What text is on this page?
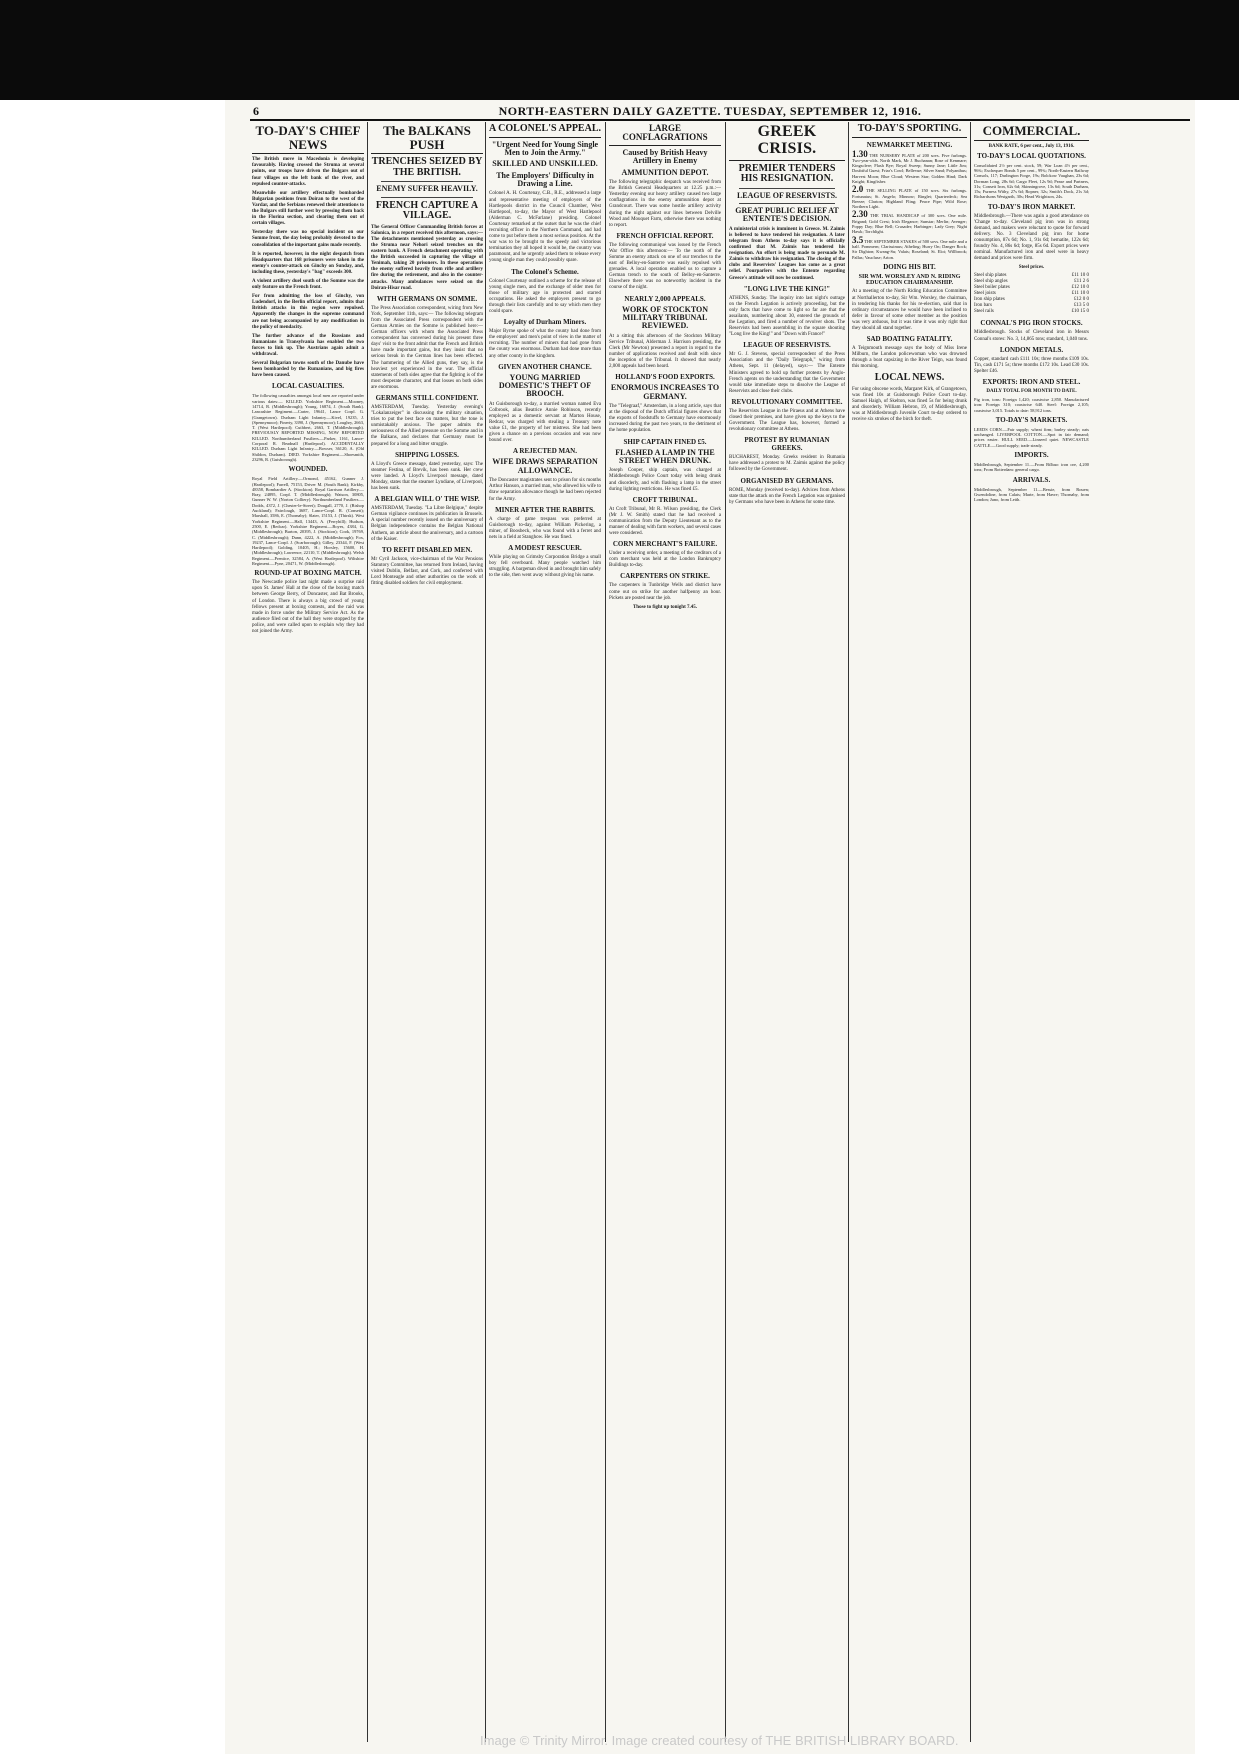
6	NORTH-EASTERN DAILY GAZETTE. TUESDAY, SEPTEMBER 12, 1916.
TO-DAY'S CHIEF NEWS

The British move in Macedonia is developing favourably. Having crossed the Struma at several points, our troops have driven the Bulgars out of four villages on the left bank of the river, and repulsed counter-attacks.

Meanwhile our artillery effectually bombarded Bulgarian positions from Doiran to the west of the Vardar, and the Serbians renewed their attentions to the Bulgars still further west by pressing them back in the Florina section, and clearing them out of certain villages.

Yesterday there was no special incident on our Somme front, the day being probably devoted to the consolidation of the important gains made recently.

It is reported, however, in the night despatch from Headquarters that 168 prisoners were taken in the enemy's counter-attack on Ginchy on Sunday, and, including these, yesterday's "bag" exceeds 300.

A violent artillery duel south of the Somme was the only feature on the French front.

For from admitting the loss of Ginchy, von Ludendorf, in the Berlin official report, admits that British attacks in this region were repulsed. Apparently the changes in the supreme command are not being accompanied by any modification in the policy of mendacity.

The further advance of the Russians and Rumanians in Transylvania has enabled the two forces to link up. The Austrians again admit a withdrawal.

Several Bulgarian towns south of the Danube have been bombarded by the Rumanians, and big fires have been caused.

LOCAL CASUALTIES.

The following casualties amongst local men are reported under various dates:— KILLED. Yorkshire Regiment.—Mooney, 14714, R. (Middlesbrough); Young, 16874, J. (South Bank). Lancashire Regiment.—Carter, 19641, Lance Corpl. G. (Grangetown). Durham Light Infantry.—Kivel, 19235, J. (Spennymoor); Finerty, 3390, J. (Spennymoor); Loughry, 2663, T. (West Hartlepool); Cuthbert, 2663, T. (Middlesbrough). PREVIOUSLY REPORTED MISSING, NOW REPORTED KILLED. Northumberland Fusiliers.—Parker, 1161, Lance-Corporal R. Beadnall (Hartlepool). ACCIDENTALLY KILLED. Durham Light Infantry.—Bowser, 36120, A. (Old Shildon, Durham). DIED. Yorkshire Regiment.—Shoesmith, 23296, R. (Guisborough).

WOUNDED.

Royal Field Artillery.—Ormond, 45162, Gunner J. (Hartlepool); Farrell, 75153, Driver M. (South Bank); Kirkby, 48358, Bombardier A. (Stockton). Royal Garrison Artillery.—Bray, 24895, Corpl. T. (Middlesbrough); Watson, 30805, Gunner W. W. (Norton Colliery). Northumberland Fusiliers.—Dodds, 4372, J. (Chester-le-Street); Dougall, 2770, J. (Bishop Auckland); Fairclough, 3687, Lance-Corpl. R. (Consett); Marshall, 3586, E. (Thornaby); Slater, 15153, J. (Thirsk). West Yorkshire Regiment.—Hall, 13443, A. (Ferryhill); Hudson, 2500, E. (Redcar). Yorkshire Regiment.—Boyes, 4384, G. (Middlesbrough); Burton, 20395, J. (Stockton); Cook, 19769, C. (Middlesbrough); Dunn, 4222, A. (Middlesbrough); Fox, 19237, Lance-Corpl. J. (Scarborough); Gilley, 23344, F. (West Hartlepool); Golding, 10405, H.; Horsley, 15600, H. (Middlesbrough); Lawrence, 22110, T. (Middlesbrough). Welsh Regiment.—Prentice, 32584, A. (West Hartlepool). Wiltshire Regiment.—Pyne, 20471, W. (Middlesbrough).

ROUND-UP AT BOXING MATCH.

The Newcastle police last night made a surprise raid upon St. James' Hall at the close of the boxing match between George Berry, of Doncaster, and Bat Brooks, of London. There is always a big crowd of young fellows present at boxing contests, and the raid was made in force under the Military Service Act. As the audience filed out of the hall they were stopped by the police, and were called upon to explain why they had not joined the Army.

The BALKANS PUSH
TRENCHES SEIZED BY THE BRITISH.
ENEMY SUFFER HEAVILY.
FRENCH CAPTURE A VILLAGE.

The General Officer Commanding British forces at Salonica, in a report received this afternoon, says:— The detachments mentioned yesterday as crossing the Struma near Nehori seized trenches on the eastern bank. A French detachment operating with the British succeeded in capturing the village of Yenimah, taking 20 prisoners. In these operations the enemy suffered heavily from rifle and artillery fire during the retirement, and also in the counter-attacks. Many ambulances were seized on the Doiran-Hisar road.

WITH GERMANS ON SOMME.

The Press Association correspondent, wiring from New York, September 11th, says:— The following telegram from the Associated Press correspondent with the German Armies on the Somme is published here:— German officers with whom the Associated Press correspondent has conversed during his present three days' visit to the front admit that the French and British have made important gains, but they insist that no serious break in the German lines has been effected. The hammering of the Allied guns, they say, is the heaviest yet experienced in the war. The official statements of both sides agree that the fighting is of the most desperate character, and that losses on both sides are enormous.

GERMANS STILL CONFIDENT.

AMSTERDAM, Tuesday. Yesterday evening's "Lokalanzeiger" in discussing the military situation, tries to put the best face on matters, but the tone is unmistakably anxious. The paper admits the seriousness of the Allied pressure on the Somme and in the Balkans, and declares that Germany must be prepared for a long and bitter struggle.

SHIPPING LOSSES.

A Lloyd's Greece message, dated yesterday, says: The steamer Festina, of Brevik, has been sunk. Her crew were landed. A Lloyd's Liverpool message, dated Monday, states that the steamer Lyndiane, of Liverpool, has been sunk.

A BELGIAN WILL O' THE WISP.

AMSTERDAM, Tuesday. "La Libre Belgique," despite German vigilance continues its publication in Brussels. A special number recently issued on the anniversary of Belgian independence contains the Belgian National Anthem, an article about the anniversary, and a cartoon of the Kaiser.

TO REFIT DISABLED MEN.

Mr Cyril Jackson, vice-chairman of the War Pensions Statutory Committee, has returned from Ireland, having visited Dublin, Belfast, and Cork, and conferred with Lord Monteagle and other authorities on the work of fitting disabled soldiers for civil employment.

A COLONEL'S APPEAL.
"Urgent Need for Young Single Men to Join the Army."
SKILLED AND UNSKILLED.
The Employers' Difficulty in Drawing a Line.

Colonel A. H. Courtenay, C.B., R.E., addressed a large and representative meeting of employers of the Hartlepools district in the Council Chamber, West Hartlepool, to-day, the Mayor of West Hartlepool (Alderman C. McFarlane) presiding. Colonel Courtenay remarked at the outset that he was the chief recruiting officer in the Northern Command, and had come to put before them a most serious position. At the war was to be brought to the speedy and victorious termination they all hoped it would be, the country was paramount, and he urgently asked them to release every young single man they could possibly spare.

The Colonel's Scheme.

Colonel Courtenay outlined a scheme for the release of young single men, and the exchange of older men for those of military age in protected and starred occupations. He asked the employers present to go through their lists carefully and to say which men they could spare.

Loyalty of Durham Miners.

Major Byrne spoke of what the county had done from the employers' and men's point of view in the matter of recruiting. The number of miners that had gone from the county was enormous. Durham had done more than any other county in the kingdom.

GIVEN ANOTHER CHANCE.
YOUNG MARRIED DOMESTIC'S THEFT OF BROOCH.

At Guisborough to-day, a married woman named Eva Colbrook, alias Beatrice Annie Robinson, recently employed as a domestic servant at Marton House, Redcar, was charged with stealing a Treasury note value £1, the property of her mistress. She had been given a chance on a previous occasion and was now bound over.

A REJECTED MAN.
WIFE DRAWS SEPARATION ALLOWANCE.

The Doncaster magistrates sent to prison for six months Arthur Hanson, a married man, who allowed his wife to draw separation allowance though he had been rejected for the Army.

MINER AFTER THE RABBITS.

A charge of game trespass was preferred at Guisborough to-day, against William Pickering, a miner, of Boosbeck, who was found with a ferret and nets in a field at Stanghow. He was fined.

A MODEST RESCUER.

While playing on Grimsby Corporation Bridge a small boy fell overboard. Many people watched him struggling. A bargeman dived in and brought him safely to the side, then went away without giving his name.

LARGE CONFLAGRATIONS
Caused by British Heavy Artillery in Enemy
AMMUNITION DEPOT.

The following telegraphic despatch was received from the British General Headquarters at 12.25 p.m.:— Yesterday evening our heavy artillery caused two large conflagrations in the enemy ammunition depot at Grandcourt. There was some hostile artillery activity during the night against our lines between Delville Wood and Mouquet Farm, otherwise there was nothing to report.

FRENCH OFFICIAL REPORT.

The following communiqué was issued by the French War Office this afternoon:— To the north of the Somme an enemy attack on one of our trenches to the east of Belloy-en-Santerre was easily repulsed with grenades. A local operation enabled us to capture a German trench to the south of Belloy-en-Santerre. Elsewhere there was no noteworthy incident in the course of the night.

NEARLY 2,000 APPEALS.
WORK OF STOCKTON MILITARY TRIBUNAL REVIEWED.

At a sitting this afternoon of the Stockton Military Service Tribunal, Alderman J. Harrison presiding, the Clerk (Mr Newton) presented a report in regard to the number of applications received and dealt with since the inception of the Tribunal. It showed that nearly 2,000 appeals had been heard.

HOLLAND'S FOOD EXPORTS.
ENORMOUS INCREASES TO GERMANY.

The "Telegraaf," Amsterdam, in a long article, says that at the disposal of the Dutch official figures shows that the exports of foodstuffs to Germany have enormously increased during the past two years, to the detriment of the home population.

SHIP CAPTAIN FINED £5.
FLASHED A LAMP IN THE STREET WHEN DRUNK.

Joseph Cooper, ship captain, was charged at Middlesbrough Police Court today with being drunk and disorderly, and with flashing a lamp in the street during lighting restrictions. He was fined £5.

CROFT TRIBUNAL.

At Croft Tribunal, Mr R. Wilson presiding, the Clerk (Mr J. W. Smith) stated that he had received a communication from the Deputy Lieutenant as to the manner of dealing with farm workers, and several cases were considered.

CORN MERCHANT'S FAILURE.

Under a receiving order, a meeting of the creditors of a corn merchant was held at the London Bankruptcy Buildings to-day.

CARPENTERS ON STRIKE.

The carpenters in Tunbridge Wells and district have come out on strike for another halfpenny an hour. Pickets are posted near the job.

Those to fight up tonight 7.45.

GREEK CRISIS.
PREMIER TENDERS HIS RESIGNATION.
LEAGUE OF RESERVISTS.
GREAT PUBLIC RELIEF AT ENTENTE'S DECISION.

A ministerial crisis is imminent in Greece. M. Zaimis is believed to have tendered his resignation. A later telegram from Athens to-day says it is officially confirmed that M. Zaimis has tendered his resignation. An effort is being made to persuade M. Zaimis to withdraw his resignation. The closing of the clubs and Reservists' Leagues has come as a great relief. Pourparlers with the Entente regarding Greece's attitude will now be continued.

"LONG LIVE THE KING!"

ATHENS, Sunday. The inquiry into last night's outrage on the French Legation is actively proceeding, but the only facts that have come to light so far are that the assailants, numbering about 30, entered the grounds of the Legation, and fired a number of revolver shots. The Reservists had been assembling in the square shouting "Long live the King!" and "Down with France!"

LEAGUE OF RESERVISTS.

Mr G. J. Stevens, special correspondent of the Press Association and the "Daily Telegraph," wiring from Athens, Sept. 11 (delayed), says:— The Entente Ministers agreed to hold up further protests by Anglo-French agents on the understanding that the Government would take immediate steps to dissolve the League of Reservists and close their clubs.

REVOLUTIONARY COMMITTEE.

The Reservists League in the Piraeus and at Athens have closed their premises, and have given up the keys to the Government. The League has, however, formed a revolutionary committee at Athens.

PROTEST BY RUMANIAN GREEKS.

BUCHAREST, Monday. Greeks resident in Rumania have addressed a protest to M. Zaimis against the policy followed by the Government.

ORGANISED BY GERMANS.

ROME, Monday (received to-day). Advices from Athens state that the attack on the French Legation was organised by Germans who have been in Athens for some time.

TO-DAY'S SPORTING.
NEWMARKET MEETING.

1.30 THE NURSERY PLATE of 200 sovs. Five furlongs. Two-year-olds. North Mark, Mr J. Buchanan; Rose of Kenmare; Kingsclere; Flash Bye; Royal Sweep; Sunny Jane; Little Jim; Doubtful Guest; Friar's Cowl; Bellevue; Silver Sand; Polyanthus; Harvest Moon; Blue Cloud; Western Star; Golden Hind; Dark Knight; Kingfisher.

2.0 THE SELLING PLATE of 150 sovs. Six furlongs. Fortunatus; St. Angelo; Minnow; Ringlet; Quarterdeck; Sea Breeze; Clarion; Highland Fling; Peace Pipe; Wild Rose; Northern Light.

2.30 THE TRIAL HANDICAP of 300 sovs. One mile. Brigand; Gold Crest; Irish Elegance; Sunstar; Merlin; Avenger; Poppy Day; Blue Bell; Crusader; Harbinger; Lady Grey; Night Hawk; Torchlight.

3.5 THE SEPTEMBER STAKES of 500 sovs. One mile and a half. Pommern; Clarissimus; Atheling; Hurry On; Danger Rock; Sir Dighton; Kwang-Su; Valais; Roseland; St. Eloi; Willbrook; Pallas; Vaucluse; Arion.

DOING HIS BIT.
SIR WM. WORSLEY AND N. RIDING EDUCATION CHAIRMANSHIP.

At a meeting of the North Riding Education Committee at Northallerton to-day, Sir Wm. Worsley, the chairman, in tendering his thanks for his re-election, said that in ordinary circumstances he would have been inclined to defer in favour of some other member as the position was very arduous, but it was time it was only right that they should all stand together.

SAD BOATING FATALITY.

A Teignmouth message says the body of Miss Irene Milburn, the London policewoman who was drowned through a boat capsizing in the River Teign, was found this morning.

LOCAL NEWS.

For using obscene words, Margaret Kirk, of Grangetown, was fined 10s at Guisborough Police Court to-day. Samuel Haigh, of Skelton, was fined 5s for being drunk and disorderly. William Hebron, 19, of Middlesbrough, was at Middlesbrough Juvenile Court to-day ordered to receive six strokes of the birch for theft.

COMMERCIAL.
BANK RATE, 6 per cent., July 13, 1916.
TO-DAY'S LOCAL QUOTATIONS.

Consolidated 2½ per cent. stock, 59; War Loan 4½ per cent., 96¾; Exchequer Bonds 5 per cent., 99¾; North-Eastern Railway Consols, 117; Darlington Forge, 19s; Bolckow Vaughan, 23s 6d; Dorman Long, 28s 6d; Cargo Fleet, 12s 9d; Pease and Partners, 31s; Consett Iron, 62s 6d; Skinningrove, 13s 6d; South Durham, 15s; Furness Withy, 27s 6d; Ropner, 32s; Smith's Dock, 21s 3d; Richardsons Westgarth, 30s; Head Wrightson, 24s.

TO-DAY'S IRON MARKET.

Middlesbrough.—There was again a good attendance on 'Change to-day. Cleveland pig iron was in strong demand, and makers were reluctant to quote for forward delivery. No. 3 Cleveland pig iron for home consumption, 87s 6d; No. 1, 91s 6d; hematite, 122s 6d; foundry No. 4, 86s 6d; forge, 85s 6d. Export prices were nominal. Manufactured iron and steel were in heavy demand and prices were firm.

Steel prices.
Steel ship plates	£11 10 0
Steel ship angles	£11 2 6
Steel boiler plates	£12 10 0
Steel joists	£11 10 0
Iron ship plates	£12 0 0
Iron bars	£13 5 0
Steel rails	£10 15 0
CONNAL'S PIG IRON STOCKS.

Middlesbrough. Stocks of Cleveland iron in Messrs Connal's stores: No. 3, 14,865 tons; standard, 1,040 tons.

LONDON METALS.

Copper, standard cash £111 10s; three months £109 10s. Tin, cash £171 5s; three months £172 10s. Lead £30 10s. Spelter £46.

EXPORTS: IRON AND STEEL.
DAILY TOTAL FOR MONTH TO DATE.

Pig iron, tons: Foreign 1,420; coastwise 2,850. Manufactured iron: Foreign 310; coastwise 640. Steel: Foreign 2,105; coastwise 3,015. Totals to date: 58,912 tons.

TO-DAY'S MARKETS.

LEEDS CORN.—Fair supply; wheat firm; barley steady; oats unchanged. LIVERPOOL COTTON.—Spot in fair demand; prices easier. HULL SEED.—Linseed quiet. NEWCASTLE CATTLE.—Good supply; trade steady.

IMPORTS.

Middlesbrough, September 11.—From Bilbao: iron ore, 4,200 tons; From Rotterdam: general cargo.

ARRIVALS.

Middlesbrough, September 11.—Bessie, from Rouen; Gwendoline, from Calais; Marie, from Havre; Thornaby, from London; Juno, from Leith.

Image © Trinity Mirror. Image created courtesy of THE BRITISH LIBRARY BOARD.
